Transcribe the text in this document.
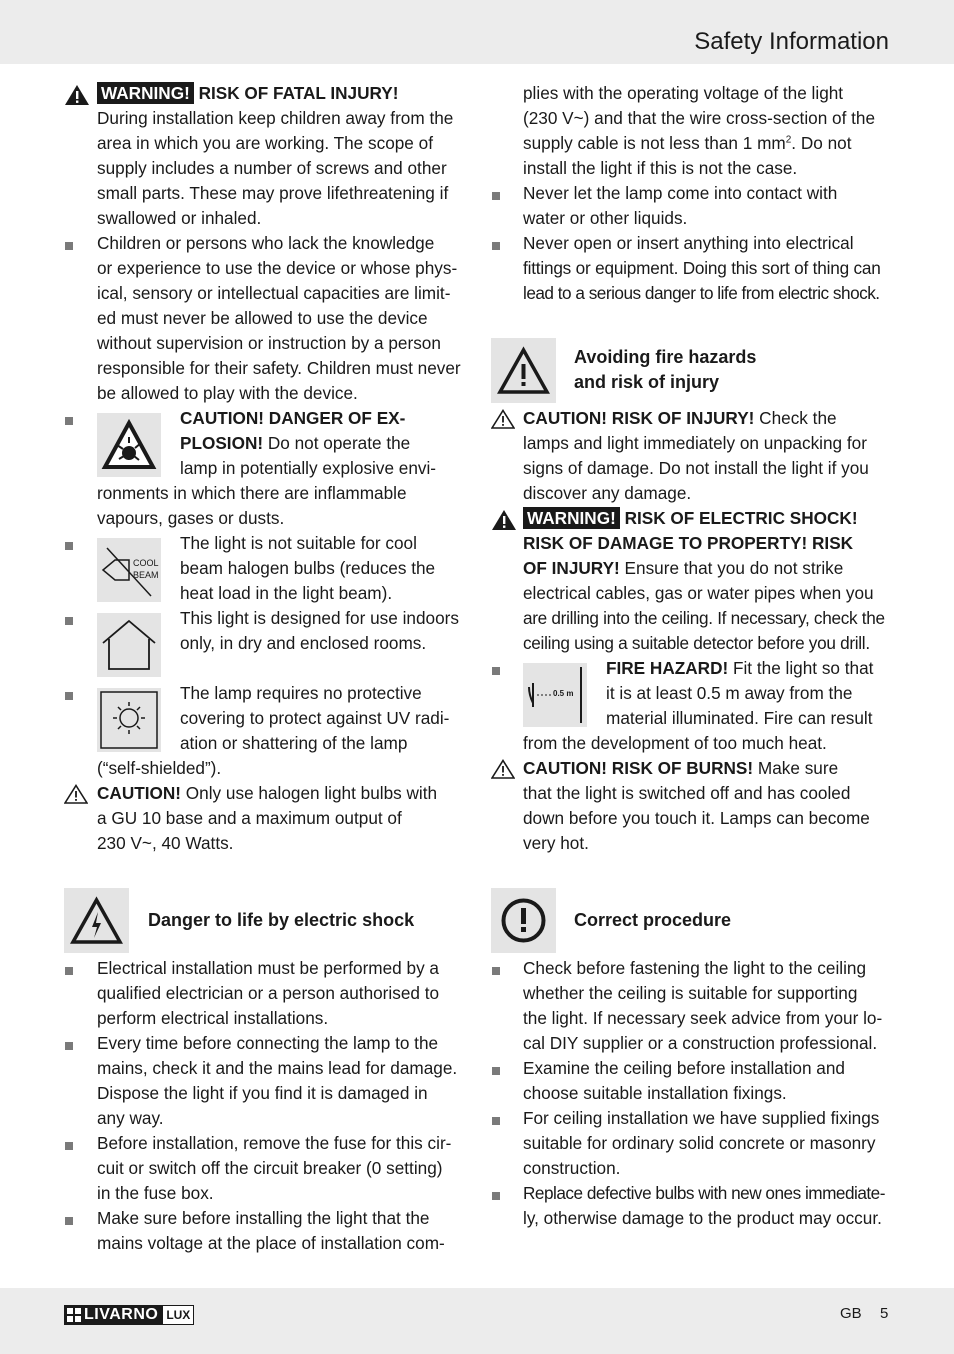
Safety Information
WARNING! RISK OF FATAL INJURY!
During installation keep children away from the
area in which you are working. The scope of
supply includes a number of screws and other
small parts. These may prove lifethreatening if
swallowed or inhaled.
Children or persons who lack the knowledge
or experience to use the device or whose phys-
ical, sensory or intellectual capacities are limit-
ed must never be allowed to use the device
without supervision or instruction by a person
responsible for their safety. Children must never
be allowed to play with the device.
CAUTION! DANGER OF EX-
PLOSION! Do not operate the
lamp in potentially explosive envi-
ronments in which there are inflammable
vapours, gases or dusts.
COOL
BEAM
The light is not suitable for cool
beam halogen bulbs (reduces the
heat load in the light beam).
This light is designed for use indoors
only, in dry and enclosed rooms.
The lamp requires no protective
covering to protect against UV radi-
ation or shattering of the lamp
(“self-shielded”).
CAUTION! Only use halogen light bulbs with
a GU 10 base and a maximum output of
230 V~, 40 Watts.
Danger to life by electric shock
Electrical installation must be performed by a
qualified electrician or a person authorised to
perform electrical installations.
Every time before connecting the lamp to the
mains, check it and the mains lead for damage.
Dispose the light if you find it is damaged in
any way.
Before installation, remove the fuse for this cir-
cuit or switch off the circuit breaker (0 setting)
in the fuse box.
Make sure before installing the light that the
mains voltage at the place of installation com-
plies with the operating voltage of the light
(230 V~) and that the wire cross-section of the
supply cable is not less than 1 $mm^2$. Do not
install the light if this is not the case.
Never let the lamp come into contact with
water or other liquids.
Never open or insert anything into electrical
fittings or equipment. Doing this sort of thing can
lead to a serious danger to life from electric shock.
Avoiding fire hazards
and risk of injury
CAUTION! RISK OF INJURY! Check the
lamps and light immediately on unpacking for
signs of damage. Do not install the light if you
discover any damage.
WARNING! RISK OF ELECTRIC SHOCK!
RISK OF DAMAGE TO PROPERTY! RISK
OF INJURY! Ensure that you do not strike
electrical cables, gas or water pipes when you
are drilling into the ceiling. If necessary, check the
ceiling using a suitable detector before you drill.
0.5 m
FIRE HAZARD! Fit the light so that
it is at least 0.5 m away from the
material illuminated. Fire can result
from the development of too much heat.
CAUTION! RISK OF BURNS! Make sure
that the light is switched off and has cooled
down before you touch it. Lamps can become
very hot.
Correct procedure
Check before fastening the light to the ceiling
whether the ceiling is suitable for supporting
the light. If necessary seek advice from your lo-
cal DIY supplier or a construction professional.
Examine the ceiling before installation and
choose suitable installation fixings.
For ceiling installation we have supplied fixings
suitable for ordinary solid concrete or masonry
construction.
Replace defective bulbs with new ones immediate-
ly, otherwise damage to the product may occur.
LIVARNO LUX	GB 5
